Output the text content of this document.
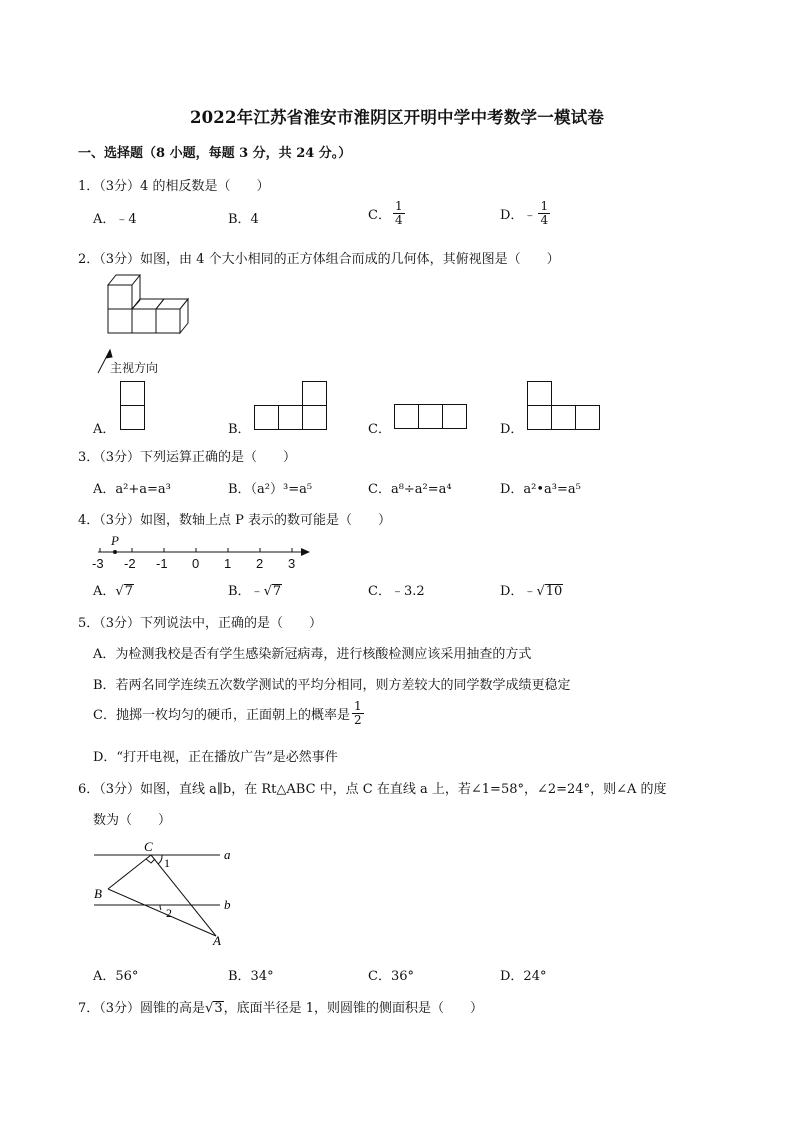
2022年江苏省淮安市淮阴区开明中学中考数学一模试卷
一、选择题（8 小题，每题 3 分，共 24 分。）
1．（3分）4 的相反数是（　　）
A．﹣4	B．4	C． $\frac{1}{4}$	D．﹣ $\frac{1}{4}$
2．（3分）如图，由 4 个大小相同的正方体组合而成的几何体，其俯视图是（　　）
主视方向
A．	B．	C．	D．
3．（3分）下列运算正确的是（　　）
A．a²+a=a³	B．（a²）³=a⁵	C．a⁸÷a²=a⁴	D．a²•a³=a⁵
4．（3分）如图，数轴上点 P 表示的数可能是（　　）
P
-3 -2 -1 0 1 2 3
A．√7	B．﹣√7	C．﹣3.2	D．﹣√10
5．（3分）下列说法中，正确的是（　　）
A．为检测我校是否有学生感染新冠病毒，进行核酸检测应该采用抽查的方式
B．若两名同学连续五次数学测试的平均分相同，则方差较大的同学数学成绩更稳定
C．抛掷一枚均匀的硬币，正面朝上的概率是 $\frac{1}{2}$
D．“打开电视，正在播放广告”是必然事件
6．（3分）如图，直线 a∥b，在 Rt△ABC 中，点 C 在直线 a 上，若∠1=58°，∠2=24°，则∠A 的度
数为（　　）
C
1
a
B
b
2
A
A．56°	B．34°	C．36°	D．24°
7．（3分）圆锥的高是√3，底面半径是 1，则圆锥的侧面积是（　　）
